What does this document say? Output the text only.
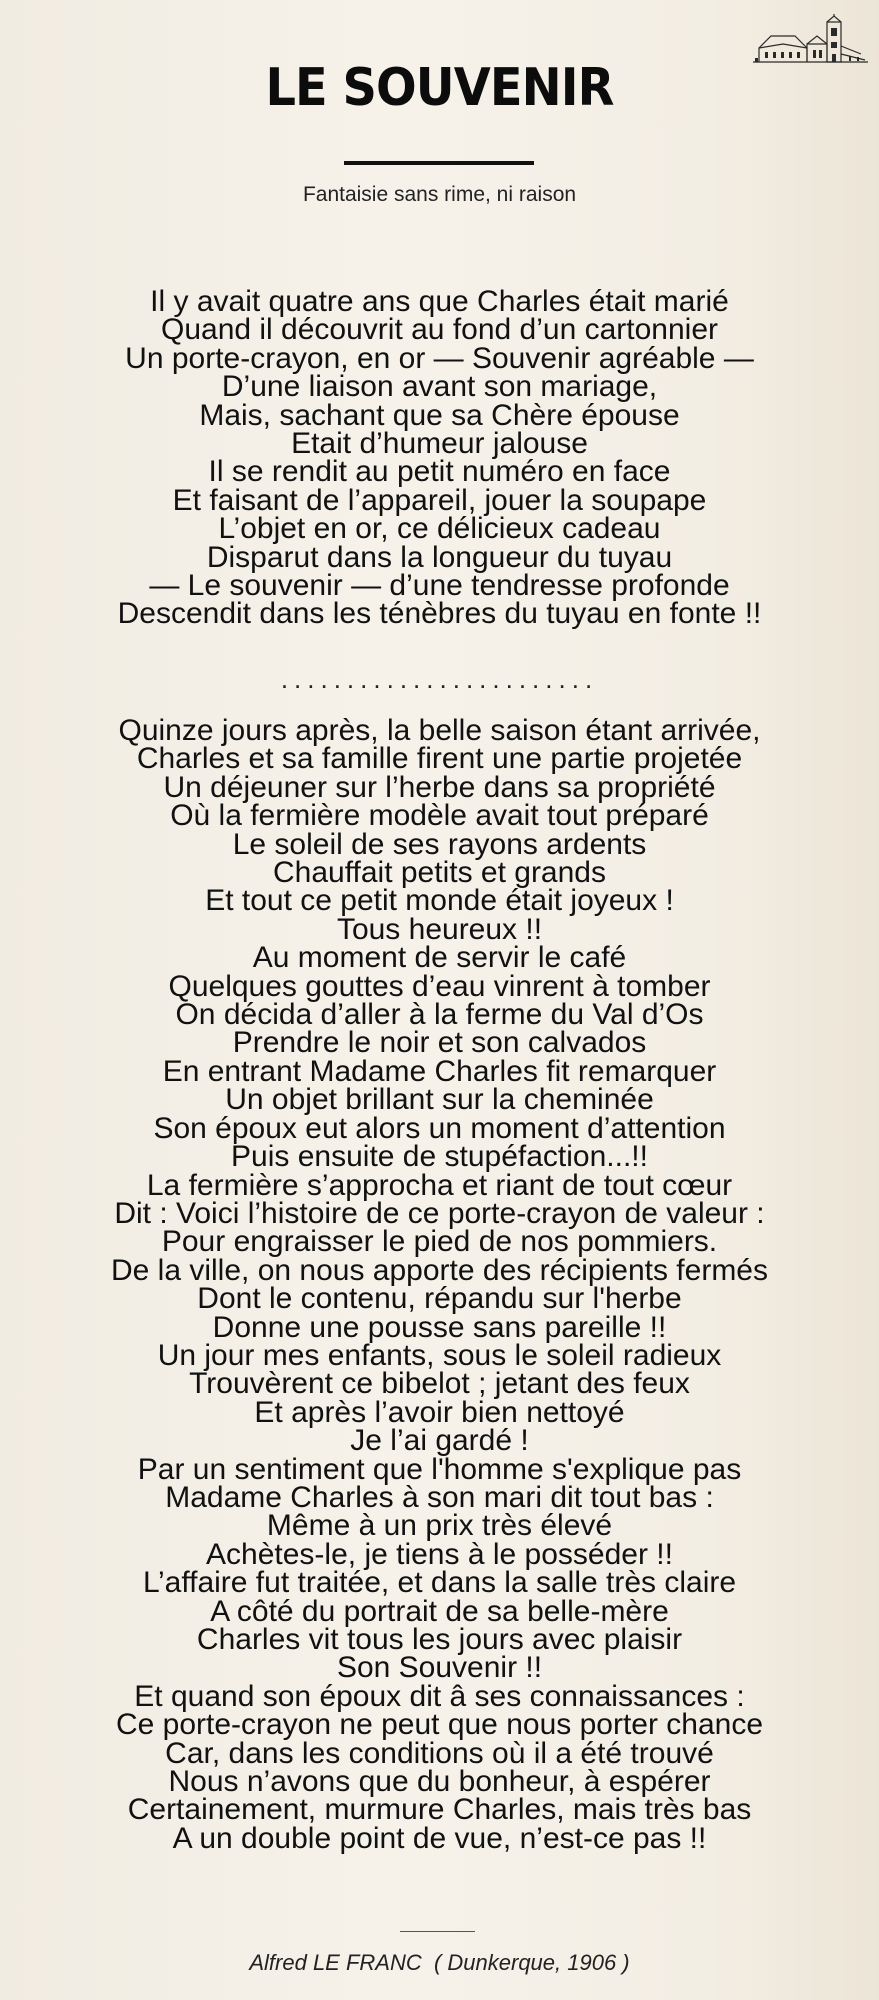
LE SOUVENIR
Fantaisie sans rime, ni raison
Il y avait quatre ans que Charles était marié
Quand il découvrit au fond d’un cartonnier
Un porte-crayon, en or — Souvenir agréable —
D’une liaison avant son mariage,
Mais, sachant que sa Chère épouse
Etait d’humeur jalouse
Il se rendit au petit numéro en face
Et faisant de l’appareil, jouer la soupape
L’objet en or, ce délicieux cadeau
Disparut dans la longueur du tuyau
— Le souvenir — d’une tendresse profonde
Descendit dans les ténèbres du tuyau en fonte !!
........................
Quinze jours après, la belle saison étant arrivée,
Charles et sa famille firent une partie projetée
Un déjeuner sur l’herbe dans sa propriété
Où la fermière modèle avait tout préparé
Le soleil de ses rayons ardents
Chauffait petits et grands
Et tout ce petit monde était joyeux !
Tous heureux !!
Au moment de servir le café
Quelques gouttes d’eau vinrent à tomber
On décida d’aller à la ferme du Val d’Os
Prendre le noir et son calvados
En entrant Madame Charles fit remarquer
Un objet brillant sur la cheminée
Son époux eut alors un moment d’attention
Puis ensuite de stupéfaction...!!
La fermière s’approcha et riant de tout cœur
Dit : Voici l’histoire de ce porte-crayon de valeur :
Pour engraisser le pied de nos pommiers.
De la ville, on nous apporte des récipients fermés
Dont le contenu, répandu sur l'herbe
Donne une pousse sans pareille !!
Un jour mes enfants, sous le soleil radieux
Trouvèrent ce bibelot ; jetant des feux
Et après l’avoir bien nettoyé
Je l’ai gardé !
Par un sentiment que l'homme s'explique pas
Madame Charles à son mari dit tout bas :
Même à un prix très élevé
Achètes-le, je tiens à le posséder !!
L’affaire fut traitée, et dans la salle très claire
A côté du portrait de sa belle-mère
Charles vit tous les jours avec plaisir
Son Souvenir !!
Et quand son époux dit â ses connaissances :
Ce porte-crayon ne peut que nous porter chance
Car, dans les conditions où il a été trouvé
Nous n’avons que du bonheur, à espérer
Certainement, murmure Charles, mais très bas
A un double point de vue, n’est-ce pas !!
Alfred LE FRANC  ( Dunkerque, 1906 )
